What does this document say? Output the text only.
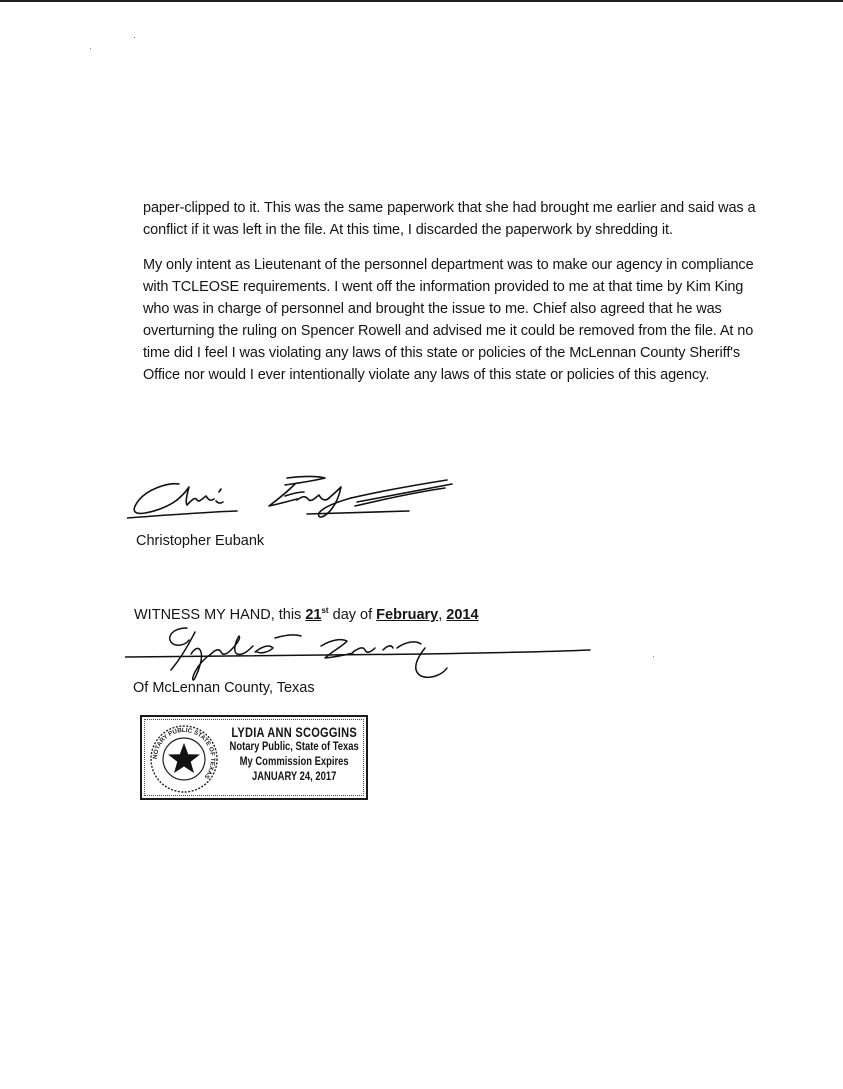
paper-clipped to it. This was the same paperwork that she had brought me earlier and said was a conflict if it was left in the file. At this time, I discarded the paperwork by shredding it.

My only intent as Lieutenant of the personnel department was to make our agency in compliance with TCLEOSE requirements. I went off the information provided to me at that time by Kim King who was in charge of personnel and brought the issue to me. Chief also agreed that he was overturning the ruling on Spencer Rowell and advised me it could be removed from the file. At no time did I feel I was violating any laws of this state or policies of the McLennan County Sheriff's Office nor would I ever intentionally violate any laws of this state or policies of this agency.

Christopher Eubank
WITNESS MY HAND, this 21st day of February, 2014
Of McLennan County, Texas
NOTARY PUBLIC STATE OF TEXAS
LYDIA ANN SCOGGINS
Notary Public, State of Texas
My Commission Expires
JANUARY 24, 2017
